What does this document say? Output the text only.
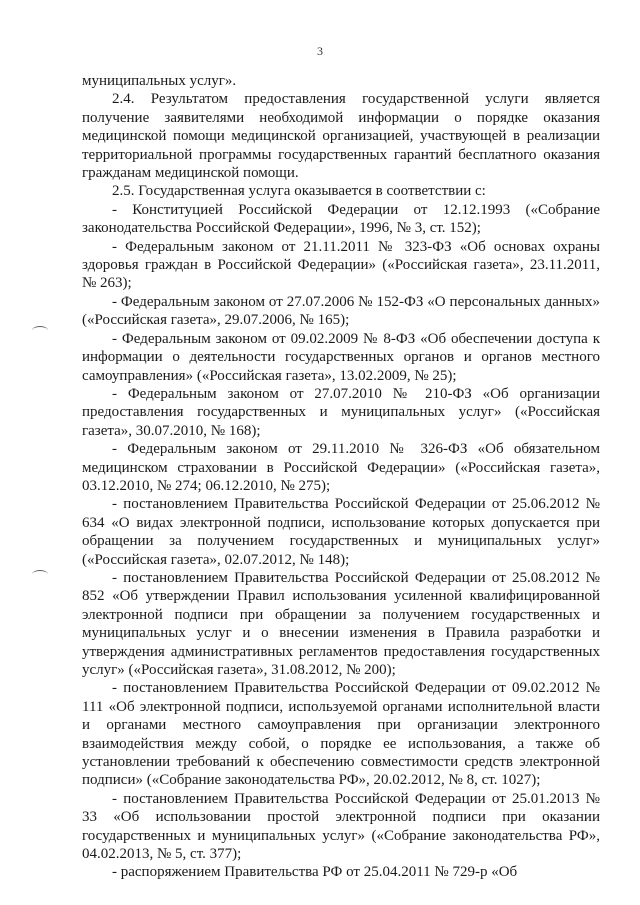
3

муниципальных услуг».

2.4. Результатом предоставления государственной услуги является получение заявителями необходимой информации о порядке оказания медицинской помощи медицинской организацией, участвующей в реализации территориальной программы государственных гарантий бесплатного оказания гражданам медицинской помощи.

2.5. Государственная услуга оказывается в соответствии с:

- Конституцией Российской Федерации от 12.12.1993 («Собрание законодательства Российской Федерации», 1996, № 3, ст. 152);

- Федеральным законом от 21.11.2011 № 323-ФЗ «Об основах охраны здоровья граждан в Российской Федерации» («Российская газета», 23.11.2011, № 263);

- Федеральным законом от 27.07.2006 № 152-ФЗ «О персональных данных» («Российская газета», 29.07.2006, № 165);

- Федеральным законом от 09.02.2009 № 8-ФЗ «Об обеспечении доступа к информации о деятельности государственных органов и органов местного самоуправления» («Российская газета», 13.02.2009, № 25);

- Федеральным законом от 27.07.2010 № 210-ФЗ «Об организации предоставления государственных и муниципальных услуг» («Российская газета», 30.07.2010, № 168);

- Федеральным законом от 29.11.2010 № 326-ФЗ «Об обязательном медицинском страховании в Российской Федерации» («Российская газета», 03.12.2010, № 274; 06.12.2010, № 275);

- постановлением Правительства Российской Федерации от 25.06.2012 № 634 «О видах электронной подписи, использование которых допускается при обращении за получением государственных и муниципальных услуг» («Российская газета», 02.07.2012, № 148);

- постановлением Правительства Российской Федерации от 25.08.2012 № 852 «Об утверждении Правил использования усиленной квалифицированной электронной подписи при обращении за получением государственных и муниципальных услуг и о внесении изменения в Правила разработки и утверждения административных регламентов предоставления государственных услуг» («Российская газета», 31.08.2012, № 200);

- постановлением Правительства Российской Федерации от 09.02.2012 № 111 «Об электронной подписи, используемой органами исполнительной власти и органами местного самоуправления при организации электронного взаимодействия между собой, о порядке ее использования, а также об установлении требований к обеспечению совместимости средств электронной подписи» («Собрание законодательства РФ», 20.02.2012, № 8, ст. 1027);

- постановлением Правительства Российской Федерации от 25.01.2013 № 33 «Об использовании простой электронной подписи при оказании государственных и муниципальных услуг» («Собрание законодательства РФ», 04.02.2013, № 5, ст. 377);

- распоряжением Правительства РФ от 25.04.2011 № 729-р «Об
